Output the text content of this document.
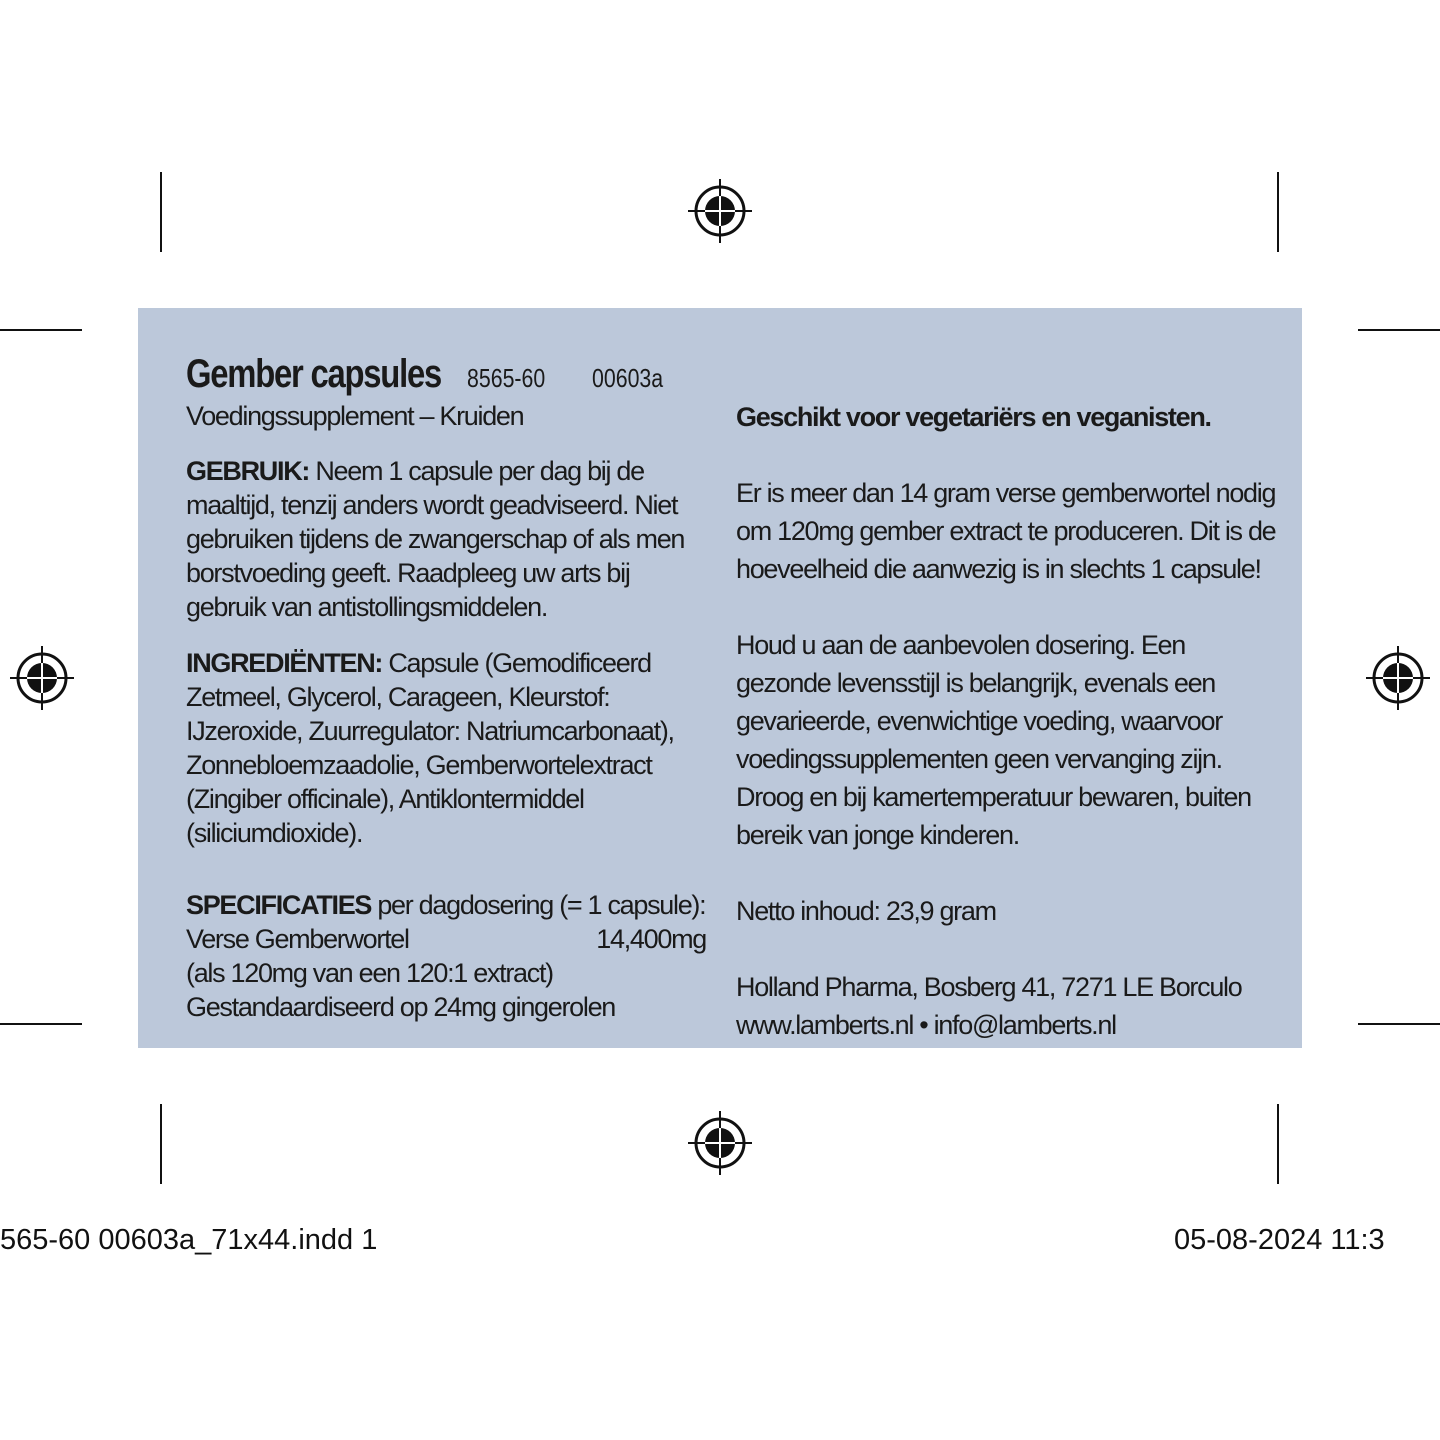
Gember capsules 8565-60 00603a
Voedingssupplement – Kruiden
GEBRUIK: Neem 1 capsule per dag bij de maaltijd, tenzij anders wordt geadviseerd. Niet gebruiken tijdens de zwangerschap of als men borstvoeding geeft. Raadpleeg uw arts bij gebruik van antistollingsmiddelen.
INGREDIËNTEN: Capsule (Gemodificeerd Zetmeel, Glycerol, Carageen, Kleurstof: IJzeroxide, Zuurregulator: Natriumcarbonaat), Zonnebloemzaadolie, Gemberwortelextract (Zingiber officinale), Antiklontermiddel (siliciumdioxide).
SPECIFICATIES per dagdosering (= 1 capsule):
Verse Gemberwortel	14,400mg
(als 120mg van een 120:1 extract)
Gestandaardiseerd op 24mg gingerolen
Geschikt voor vegetariërs en veganisten.
Er is meer dan 14 gram verse gemberwortel nodig om 120mg gember extract te produceren. Dit is de hoeveelheid die aanwezig is in slechts 1 capsule!
Houd u aan de aanbevolen dosering. Een gezonde levensstijl is belangrijk, evenals een gevarieerde, evenwichtige voeding, waarvoor voedingssupplementen geen vervanging zijn. Droog en bij kamertemperatuur bewaren, buiten bereik van jonge kinderen.
Netto inhoud: 23,9 gram
Holland Pharma, Bosberg 41, 7271 LE Borculo
www.lamberts.nl • info@lamberts.nl
565-60 00603a_71x44.indd 1	05-08-2024 11:3
